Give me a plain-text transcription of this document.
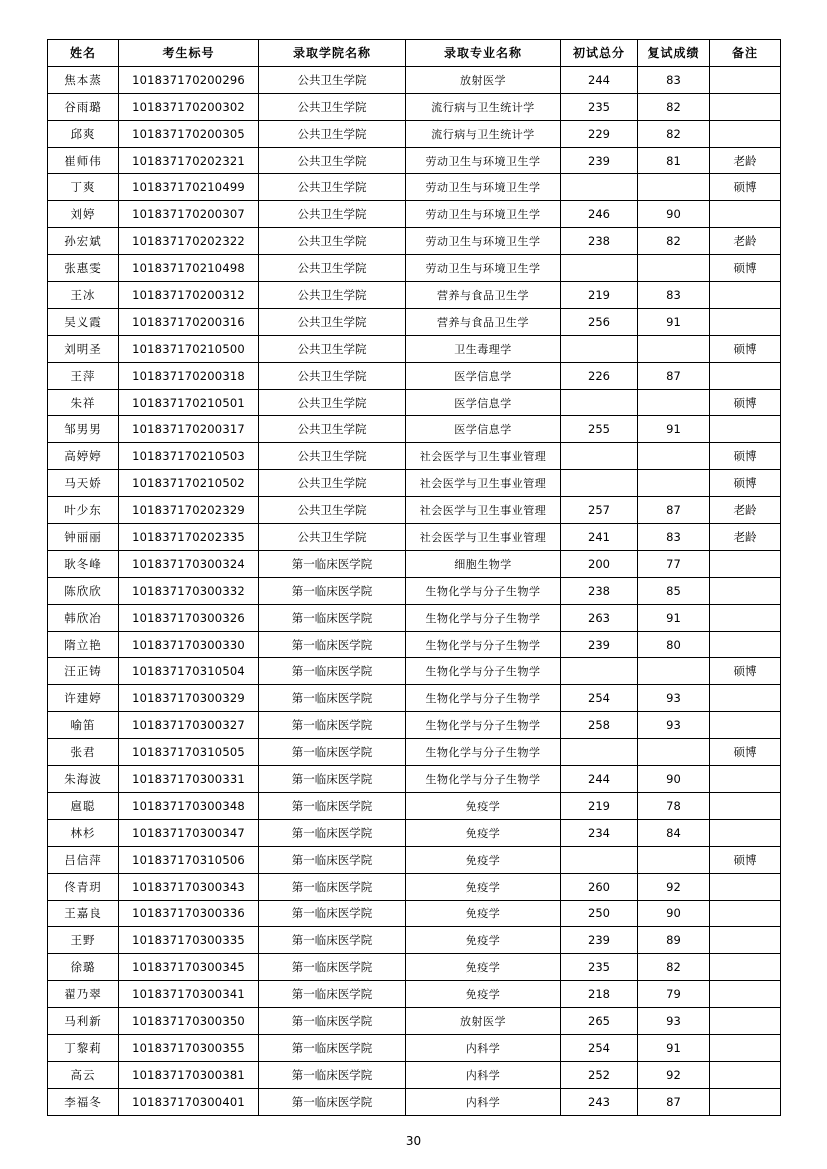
姓名	考生标号	录取学院名称	录取专业名称	初试总分	复试成绩	备注
焦本蒸	101837170200296	公共卫生学院	放射医学	244	83	
谷雨璐	101837170200302	公共卫生学院	流行病与卫生统计学	235	82	
邱爽	101837170200305	公共卫生学院	流行病与卫生统计学	229	82	
崔师伟	101837170202321	公共卫生学院	劳动卫生与环境卫生学	239	81	老龄
丁爽	101837170210499	公共卫生学院	劳动卫生与环境卫生学			硕博
刘婷	101837170200307	公共卫生学院	劳动卫生与环境卫生学	246	90	
孙宏斌	101837170202322	公共卫生学院	劳动卫生与环境卫生学	238	82	老龄
张惠雯	101837170210498	公共卫生学院	劳动卫生与环境卫生学			硕博
王冰	101837170200312	公共卫生学院	营养与食品卫生学	219	83	
吴义霞	101837170200316	公共卫生学院	营养与食品卫生学	256	91	
刘明圣	101837170210500	公共卫生学院	卫生毒理学			硕博
王萍	101837170200318	公共卫生学院	医学信息学	226	87	
朱祥	101837170210501	公共卫生学院	医学信息学			硕博
邹男男	101837170200317	公共卫生学院	医学信息学	255	91	
高婷婷	101837170210503	公共卫生学院	社会医学与卫生事业管理			硕博
马天娇	101837170210502	公共卫生学院	社会医学与卫生事业管理			硕博
叶少东	101837170202329	公共卫生学院	社会医学与卫生事业管理	257	87	老龄
钟丽丽	101837170202335	公共卫生学院	社会医学与卫生事业管理	241	83	老龄
耿冬峰	101837170300324	第一临床医学院	细胞生物学	200	77	
陈欣欣	101837170300332	第一临床医学院	生物化学与分子生物学	238	85	
韩欣冶	101837170300326	第一临床医学院	生物化学与分子生物学	263	91	
隋立艳	101837170300330	第一临床医学院	生物化学与分子生物学	239	80	
汪正铸	101837170310504	第一临床医学院	生物化学与分子生物学			硕博
许建婷	101837170300329	第一临床医学院	生物化学与分子生物学	254	93	
喻笛	101837170300327	第一临床医学院	生物化学与分子生物学	258	93	
张君	101837170310505	第一临床医学院	生物化学与分子生物学			硕博
朱海波	101837170300331	第一临床医学院	生物化学与分子生物学	244	90	
扈聪	101837170300348	第一临床医学院	免疫学	219	78	
林杉	101837170300347	第一临床医学院	免疫学	234	84	
吕信萍	101837170310506	第一临床医学院	免疫学			硕博
佟青玥	101837170300343	第一临床医学院	免疫学	260	92	
王嘉良	101837170300336	第一临床医学院	免疫学	250	90	
王野	101837170300335	第一临床医学院	免疫学	239	89	
徐璐	101837170300345	第一临床医学院	免疫学	235	82	
翟乃翠	101837170300341	第一临床医学院	免疫学	218	79	
马利新	101837170300350	第一临床医学院	放射医学	265	93	
丁黎莉	101837170300355	第一临床医学院	内科学	254	91	
高云	101837170300381	第一临床医学院	内科学	252	92	
李福冬	101837170300401	第一临床医学院	内科学	243	87	
30
